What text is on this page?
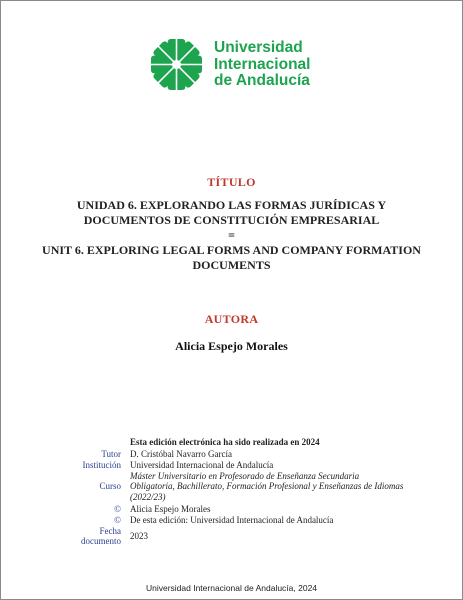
Universidad
Internacional
de Andalucía
TÍTULO
UNIDAD 6. EXPLORANDO LAS FORMAS JURÍDICAS Y
DOCUMENTOS DE CONSTITUCIÓN EMPRESARIAL
=
UNIT 6. EXPLORING LEGAL FORMS AND COMPANY FORMATION
DOCUMENTS
AUTORA
Alicia Espejo Morales
Esta edición electrónica ha sido realizada en 2024
Tutor D. Cristóbal Navarro García
Institución Universidad Internacional de Andalucía
Curso
Máster Universitario en Profesorado de Enseñanza Secundaria
Obligatoria, Bachillerato, Formación Profesional y Enseñanzas de Idiomas
(2022/23)
© Alicia Espejo Morales
© De esta edición: Universidad Internacional de Andalucía
Fecha
documento 2023
Universidad Internacional de Andalucía, 2024
